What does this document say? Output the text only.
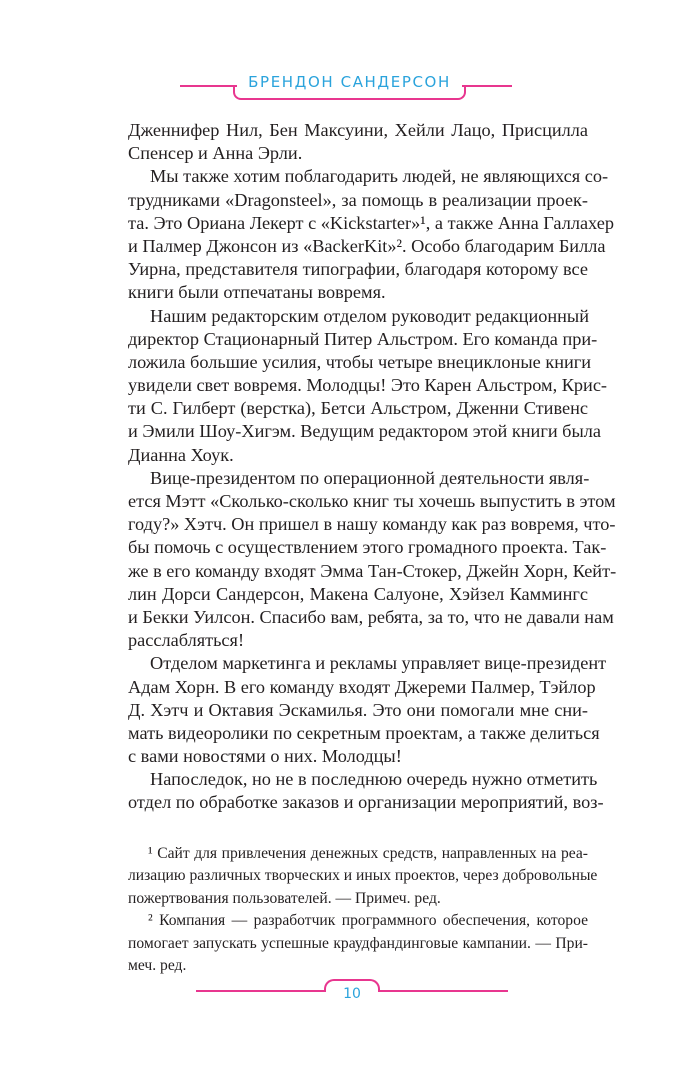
БРЕНДОН САНДЕРСОН
Дженнифер Нил, Бен Максуини, Хейли Лацо, Присцилла
Спенсер и Анна Эрли.
Мы также хотим поблагодарить людей, не являющихся со-
трудниками «Dragonsteel», за помощь в реализации проек-
та. Это Ориана Лекерт с «Kickstarter»¹, а также Анна Галлахер
и Палмер Джонсон из «BackerKit»². Особо благодарим Билла
Уирна, представителя типографии, благодаря которому все
книги были отпечатаны вовремя.
Нашим редакторским отделом руководит редакционный
директор Стационарный Питер Альстром. Его команда при-
ложила большие усилия, чтобы четыре внециклоные книги
увидели свет вовремя. Молодцы! Это Карен Альстром, Крис-
ти С. Гилберт (верстка), Бетси Альстром, Дженни Стивенс
и Эмили Шоу-Хигэм. Ведущим редактором этой книги была
Дианна Хоук.
Вице-президентом по операционной деятельности явля-
ется Мэтт «Сколько-сколько книг ты хочешь выпустить в этом
году?» Хэтч. Он пришел в нашу команду как раз вовремя, что-
бы помочь с осуществлением этого громадного проекта. Так-
же в его команду входят Эмма Тан-Стокер, Джейн Хорн, Кейт-
лин Дорси Сандерсон, Макена Салуоне, Хэйзел Каммингс
и Бекки Уилсон. Спасибо вам, ребята, за то, что не давали нам
расслабляться!
Отделом маркетинга и рекламы управляет вице-президент
Адам Хорн. В его команду входят Джереми Палмер, Тэйлор
Д. Хэтч и Октавия Эскамилья. Это они помогали мне сни-
мать видеоролики по секретным проектам, а также делиться
с вами новостями о них. Молодцы!
Напоследок, но не в последнюю очередь нужно отметить
отдел по обработке заказов и организации мероприятий, воз-
¹ Сайт для привлечения денежных средств, направленных на реа-
лизацию различных творческих и иных проектов, через добровольные
пожертвования пользователей. — Примеч. ред.
² Компания — разработчик программного обеспечения, которое
помогает запускать успешные краудфандинговые кампании. — При-
меч. ред.
10
